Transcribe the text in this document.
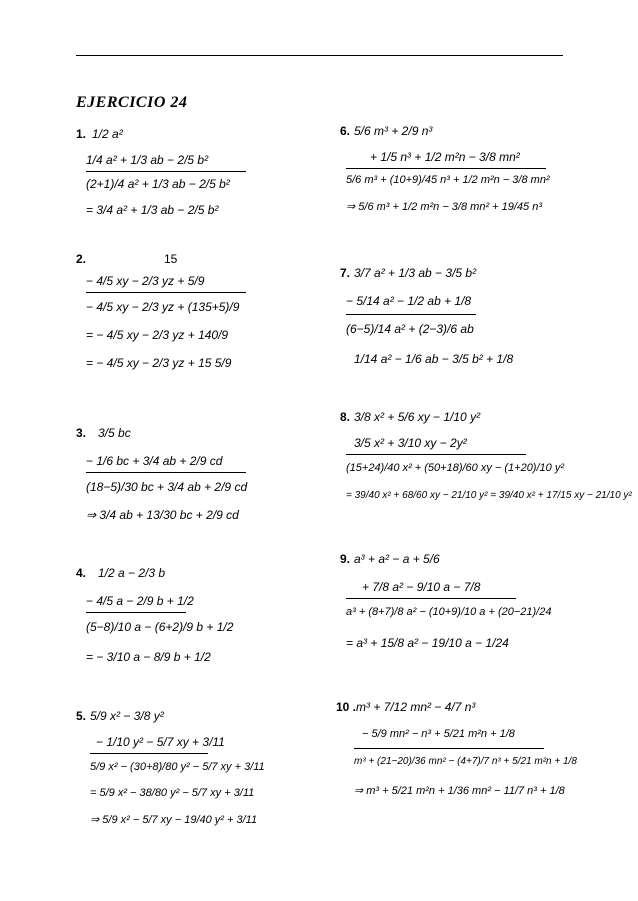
EJERCICIO 24
1. 1/2 a²
1/4 a² + 1/3 ab − 2/5 b²
(2+1)/4 a² + 1/3 ab − 2/5 b²
= 3/4 a² + 1/3 ab − 2/5 b²
15
2.
− 4/5 xy − 2/3 yz + 5/9
− 4/5 xy − 2/3 yz + (135+5)/9
= − 4/5 xy − 2/3 yz + 140/9
= − 4/5 xy − 2/3 yz + 15 5/9
3. 3/5 bc
− 1/6 bc + 3/4 ab + 2/9 cd
(18−5)/30 bc + 3/4 ab + 2/9 cd
⇒ 3/4 ab + 13/30 bc + 2/9 cd
4. 1/2 a − 2/3 b
− 4/5 a − 2/9 b + 1/2
(5−8)/10 a − (6+2)/9 b + 1/2
= − 3/10 a − 8/9 b + 1/2
5. 5/9 x² − 3/8 y²
− 1/10 y² − 5/7 xy + 3/11
5/9 x² − (30+8)/80 y² − 5/7 xy + 3/11
= 5/9 x² − 38/80 y² − 5/7 xy + 3/11
⇒ 5/9 x² − 5/7 xy − 19/40 y² + 3/11
6. 5/6 m³ + 2/9 n³
+ 1/5 n³ + 1/2 m²n − 3/8 mn²
5/6 m³ + (10+9)/45 n³ + 1/2 m²n − 3/8 mn²
⇒ 5/6 m³ + 1/2 m²n − 3/8 mn² + 19/45 n³
7. 3/7 a² + 1/3 ab − 3/5 b²
− 5/14 a² − 1/2 ab + 1/8
(6−5)/14 a² + (2−3)/6 ab
1/14 a² − 1/6 ab − 3/5 b² + 1/8
8. 3/8 x² + 5/6 xy − 1/10 y²
3/5 x² + 3/10 xy − 2y²
(15+24)/40 x² + (50+18)/60 xy − (1+20)/10 y²
= 39/40 x² + 68/60 xy − 21/10 y² = 39/40 x² + 17/15 xy − 21/10 y²
9. a³ + a² − a + 5/6
+ 7/8 a² − 9/10 a − 7/8
a³ + (8+7)/8 a² − (10+9)/10 a + (20−21)/24
= a³ + 15/8 a² − 19/10 a − 1/24
10 . m³ + 7/12 mn² − 4/7 n³
− 5/9 mn² − n³ + 5/21 m²n + 1/8
m³ + (21−20)/36 mn² − (4+7)/7 n³ + 5/21 m²n + 1/8
⇒ m³ + 5/21 m²n + 1/36 mn² − 11/7 n³ + 1/8
